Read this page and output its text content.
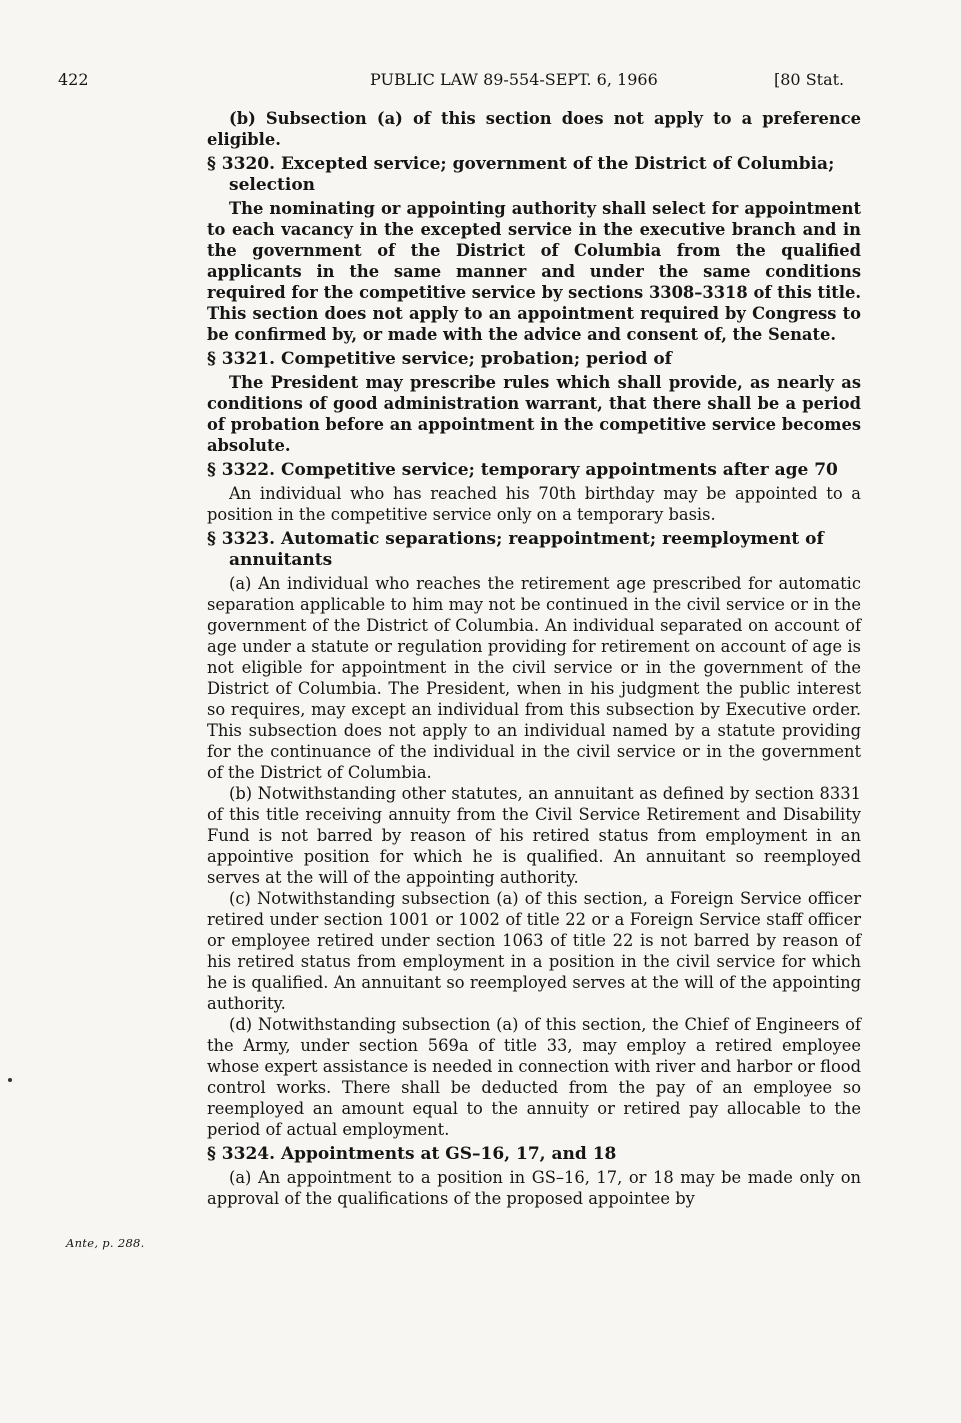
422	PUBLIC LAW 89-554-SEPT. 6, 1966	[80 Stat.

(b) Subsection (a) of this section does not apply to a preference eligible.

§ 3320. Excepted service; government of the District of Columbia; selection

The nominating or appointing authority shall select for appointment to each vacancy in the excepted service in the executive branch and in the government of the District of Columbia from the qualified applicants in the same manner and under the same conditions required for the competitive service by sections 3308–3318 of this title. This section does not apply to an appointment required by Congress to be confirmed by, or made with the advice and consent of, the Senate.

§ 3321. Competitive service; probation; period of

The President may prescribe rules which shall provide, as nearly as conditions of good administration warrant, that there shall be a period of probation before an appointment in the competitive service becomes absolute.

§ 3322. Competitive service; temporary appointments after age 70

An individual who has reached his 70th birthday may be appointed to a position in the competitive service only on a temporary basis.

§ 3323. Automatic separations; reappointment; reemployment of annuitants

(a) An individual who reaches the retirement age prescribed for automatic separation applicable to him may not be continued in the civil service or in the government of the District of Columbia. An individual separated on account of age under a statute or regulation providing for retirement on account of age is not eligible for appointment in the civil service or in the government of the District of Columbia. The President, when in his judgment the public interest so requires, may except an individual from this subsection by Executive order. This subsection does not apply to an individual named by a statute providing for the continuance of the individual in the civil service or in the government of the District of Columbia.

(b) Notwithstanding other statutes, an annuitant as defined by section 8331 of this title receiving annuity from the Civil Service Retirement and Disability Fund is not barred by reason of his retired status from employment in an appointive position for which he is qualified. An annuitant so reemployed serves at the will of the appointing authority.

(c) Notwithstanding subsection (a) of this section, a Foreign Service officer retired under section 1001 or 1002 of title 22 or a Foreign Service staff officer or employee retired under section 1063 of title 22 is not barred by reason of his retired status from employment in a position in the civil service for which he is qualified. An annuitant so reemployed serves at the will of the appointing authority.

(d) Notwithstanding subsection (a) of this section, the Chief of Engineers of the Army, under section 569a of title 33, may employ a retired employee whose expert assistance is needed in connection with river and harbor or flood control works. There shall be deducted from the pay of an employee so reemployed an amount equal to the annuity or retired pay allocable to the period of actual employment.

§ 3324. Appointments at GS–16, 17, and 18

(a) An appointment to a position in GS–16, 17, or 18 may be made only on approval of the qualifications of the proposed appointee by

Ante, p. 288.
